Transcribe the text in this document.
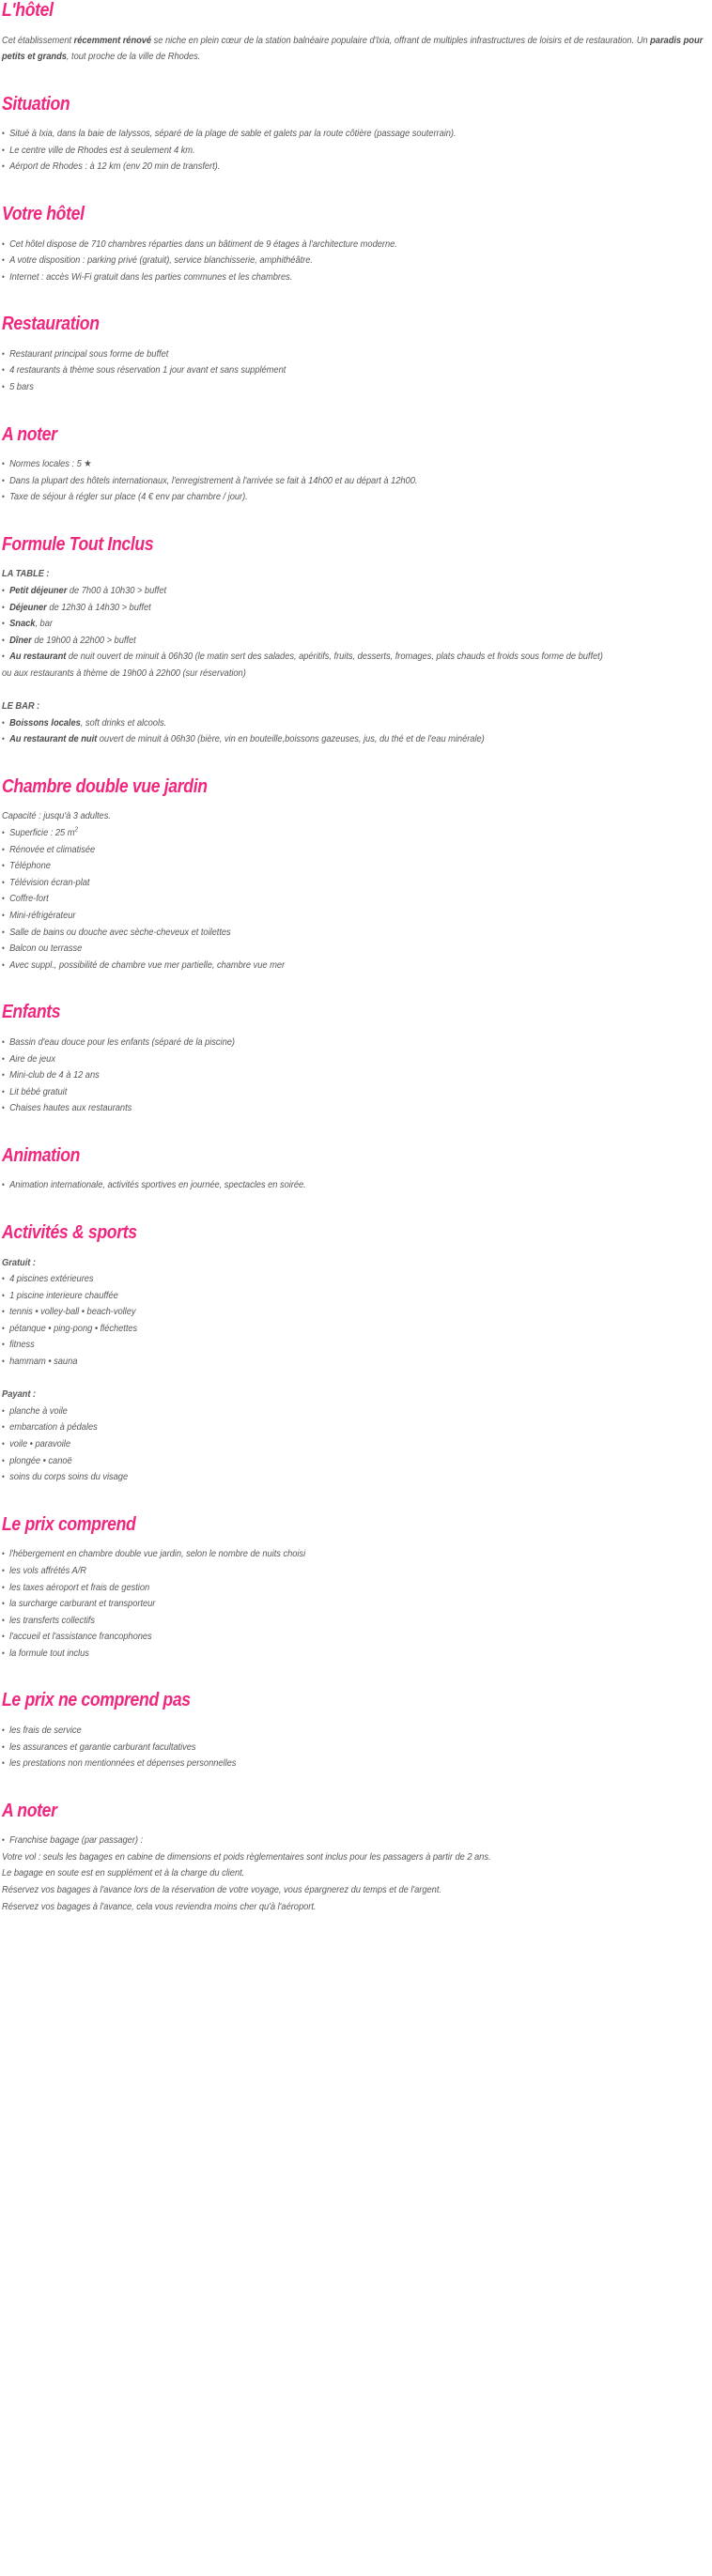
L'hôtel

Cet établissement récemment rénové se niche en plein cœur de la station balnéaire populaire d'Ixia, offrant de multiples infrastructures de loisirs et de restauration. Un paradis pour petits et grands, tout proche de la ville de Rhodes.

Situation
• Situé à Ixia, dans la baie de Ialyssos, séparé de la plage de sable et galets par la route côtière (passage souterrain).
• Le centre ville de Rhodes est à seulement 4 km.
• Aérport de Rhodes : à 12 km (env 20 min de transfert).
Votre hôtel
• Cet hôtel dispose de 710 chambres réparties dans un bâtiment de 9 étages à l'architecture moderne.
• A votre disposition : parking privé (gratuit), service blanchisserie, amphithéâtre.
• Internet : accès Wi-Fi gratuit dans les parties communes et les chambres.
Restauration
• Restaurant principal sous forme de buffet
• 4 restaurants à thème sous réservation 1 jour avant et sans supplément
• 5 bars
A noter
• Normes locales : 5 ★
• Dans la plupart des hôtels internationaux, l'enregistrement à l'arrivée se fait à 14h00 et au départ à 12h00.
• Taxe de séjour à régler sur place (4 € env par chambre / jour).
Formule Tout Inclus
LA TABLE :
• Petit déjeuner de 7h00 à 10h30 > buffet
• Déjeuner de 12h30 à 14h30 > buffet
• Snack, bar
• Dîner de 19h00 à 22h00 > buffet
• Au restaurant de nuit ouvert de minuit à 06h30 (le matin sert des salades, apéritifs, fruits, desserts, fromages, plats chauds et froids sous forme de buffet)
ou aux restaurants à thème de 19h00 à 22h00 (sur réservation)
LE BAR :
• Boissons locales, soft drinks et alcools.
• Au restaurant de nuit ouvert de minuit à 06h30 (bière, vin en bouteille,boissons gazeuses, jus, du thé et de l'eau minérale)
Chambre double vue jardin
Capacité : jusqu'à 3 adultes.
• Superficie : 25 $m^2$
• Rénovée et climatisée
• Téléphone
• Télévision écran-plat
• Coffre-fort
• Mini-réfrigérateur
• Salle de bains ou douche avec sèche-cheveux et toilettes
• Balcon ou terrasse
• Avec suppl., possibilité de chambre vue mer partielle, chambre vue mer
Enfants
• Bassin d'eau douce pour les enfants (séparé de la piscine)
• Aire de jeux
• Mini-club de 4 à 12 ans
• Lit bébé gratuit
• Chaises hautes aux restaurants
Animation
• Animation internationale, activités sportives en journée, spectacles en soirée.
Activités & sports
Gratuit :
• 4 piscines extérieures
• 1 piscine interieure chauffée
• tennis • volley-ball • beach-volley
• pétanque • ping-pong • fléchettes
• fitness
• hammam • sauna
Payant :
• planche à voile
• embarcation à pédales
• voile • paravoile
• plongée • canoë
• soins du corps soins du visage
Le prix comprend
• l'hébergement en chambre double vue jardin, selon le nombre de nuits choisi
• les vols affrétés A/R
• les taxes aéroport et frais de gestion
• la surcharge carburant et transporteur
• les transferts collectifs
• l'accueil et l'assistance francophones
• la formule tout inclus
Le prix ne comprend pas
• les frais de service
• les assurances et garantie carburant facultatives
• les prestations non mentionnées et dépenses personnelles
A noter
• Franchise bagage (par passager) :
Votre vol : seuls les bagages en cabine de dimensions et poids règlementaires sont inclus pour les passagers à partir de 2 ans.
Le bagage en soute est en supplément et à la charge du client.
Réservez vos bagages à l'avance lors de la réservation de votre voyage, vous épargnerez du temps et de l'argent.
Réservez vos bagages à l'avance, cela vous reviendra moins cher qu'à l'aéroport.
